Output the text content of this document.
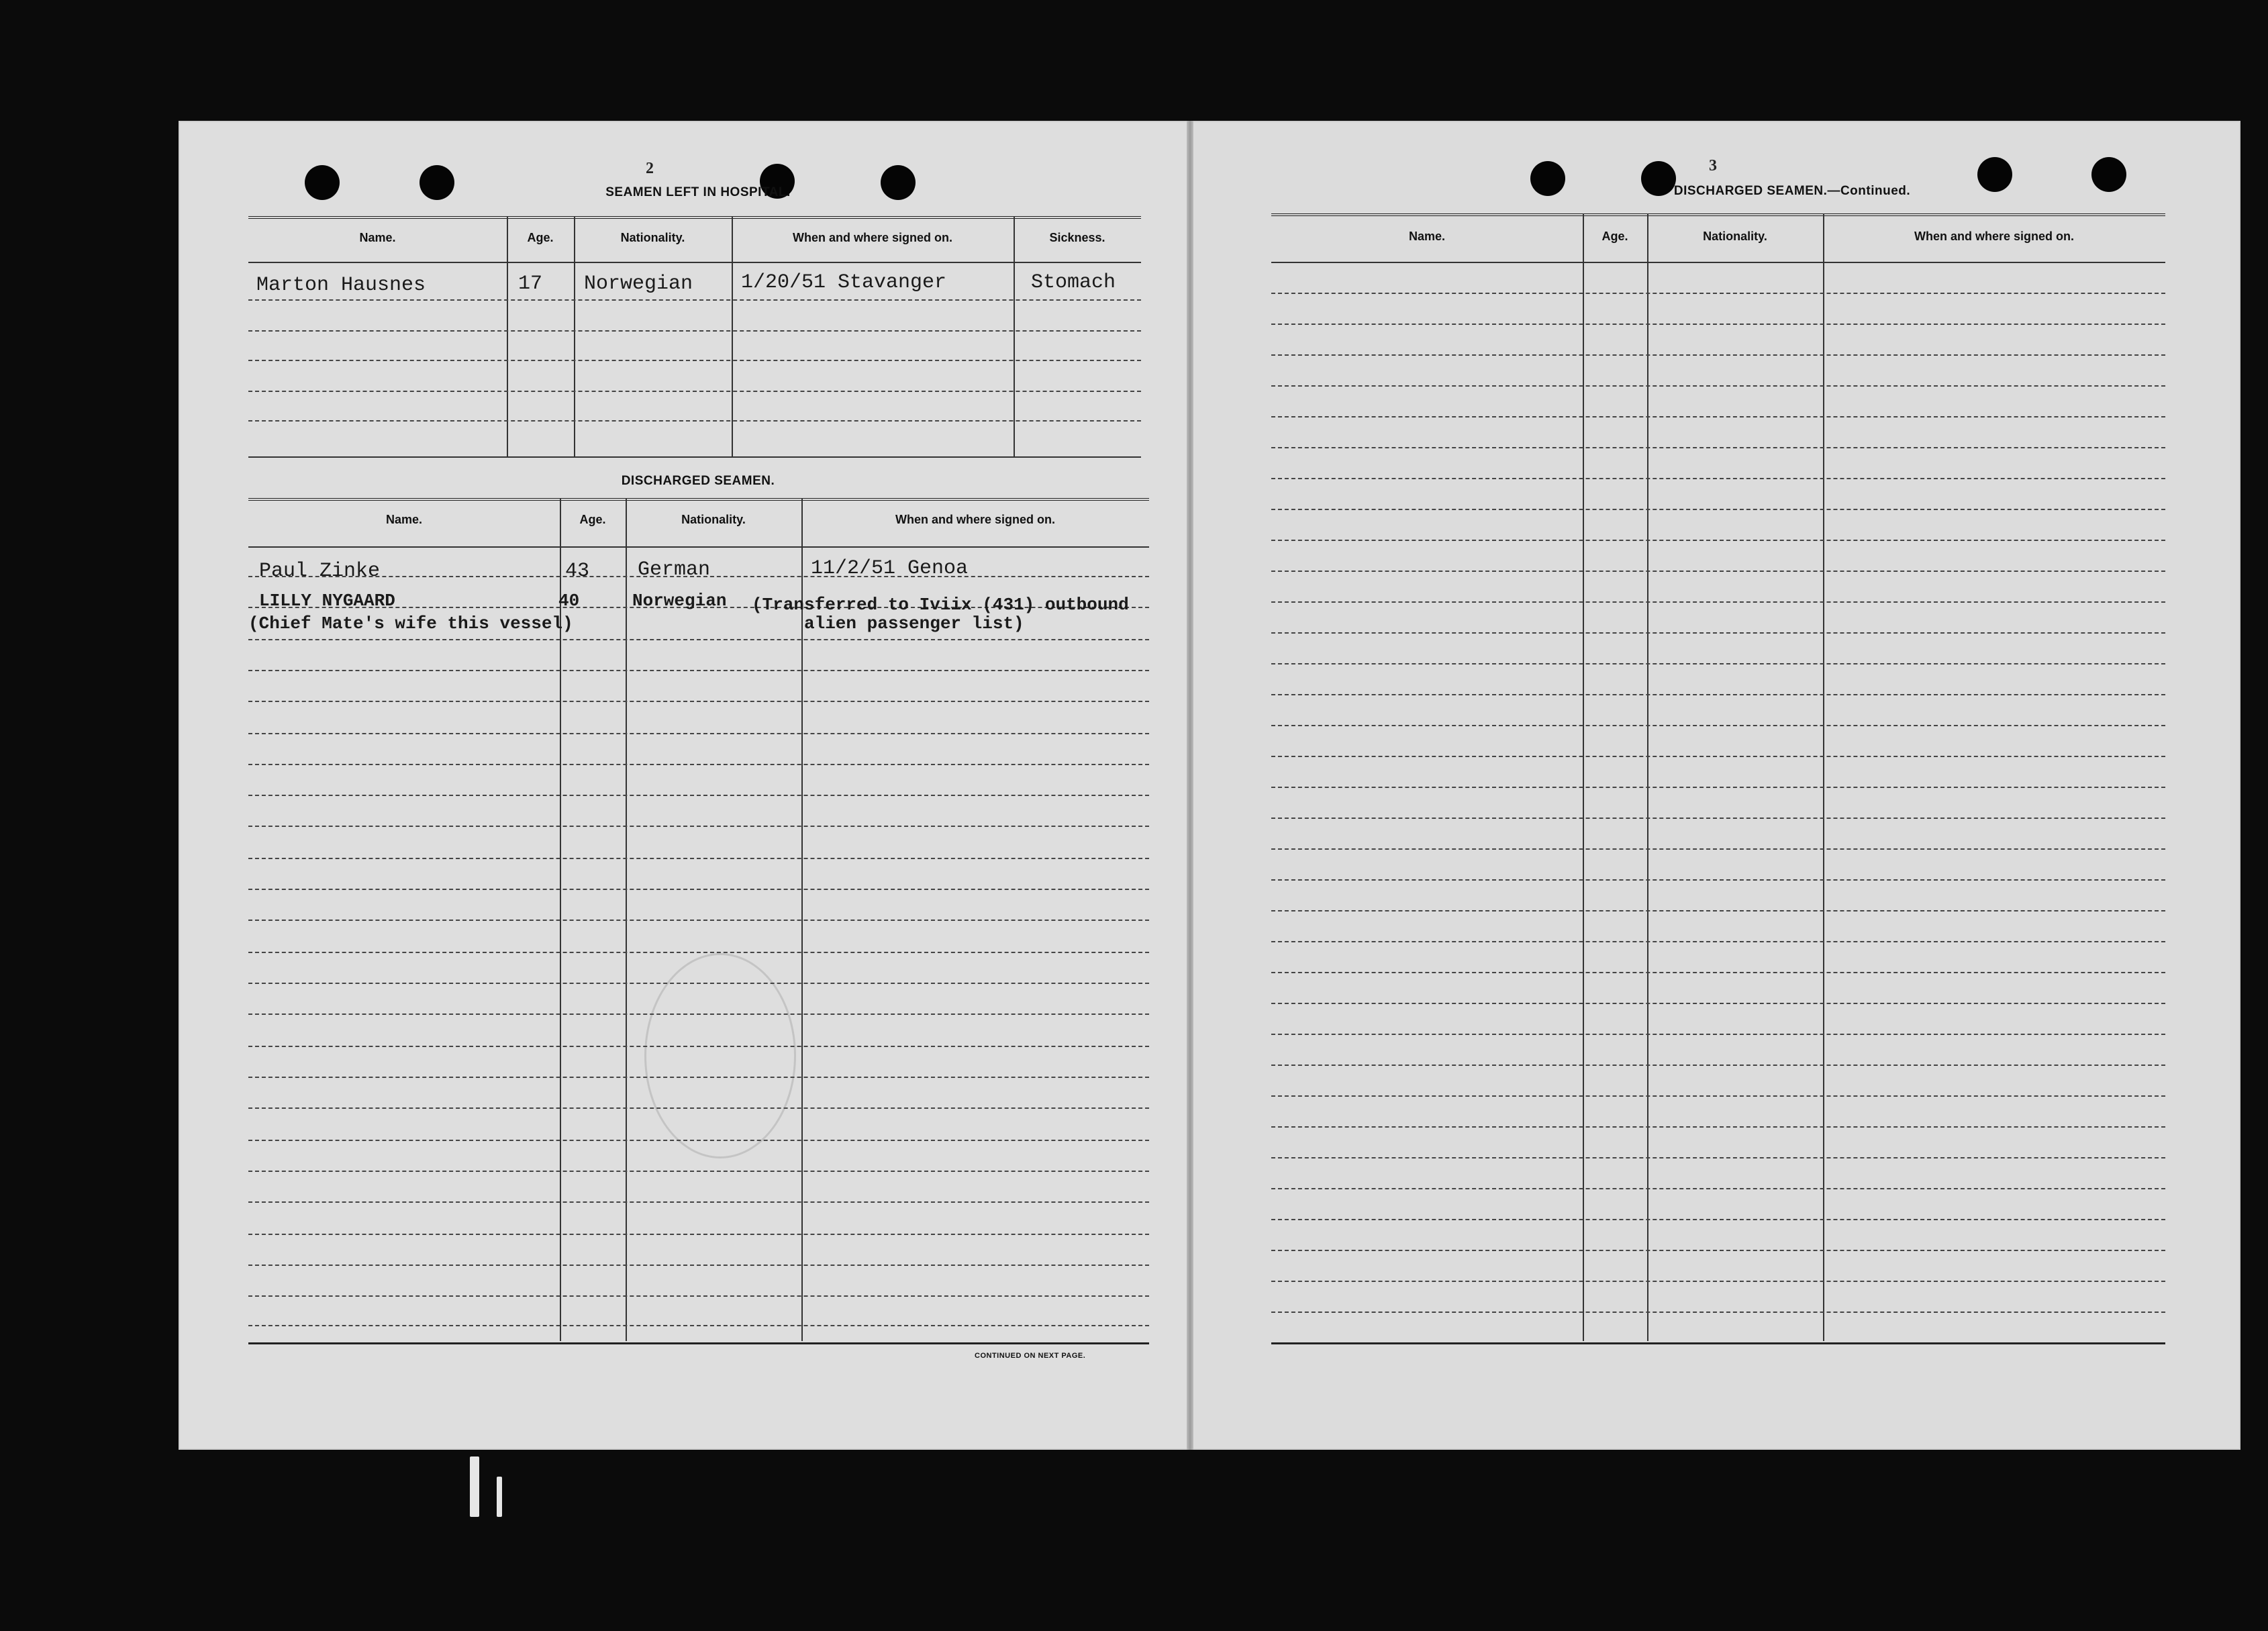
2
SEAMEN LEFT IN HOSPITAL.
Name.	Age.	Nationality.	When and where signed on.	Sickness.
Marton Hausnes	17 Norwegian 1/20/51 Stavanger	Stomach
DISCHARGED SEAMEN.
Name.	Age.	Nationality.	When and where signed on.
Paul Zinke	43 German	11/2/51 Genoa
LILLY NYGAARD	40	Norwegian (Transferred to Iviix (431) outbound
(Chief Mate's wife this vessel)	alien passenger list)
CONTINUED ON NEXT PAGE.
3
DISCHARGED SEAMEN.—Continued.
Name.	Age.	Nationality.	When and where signed on.
